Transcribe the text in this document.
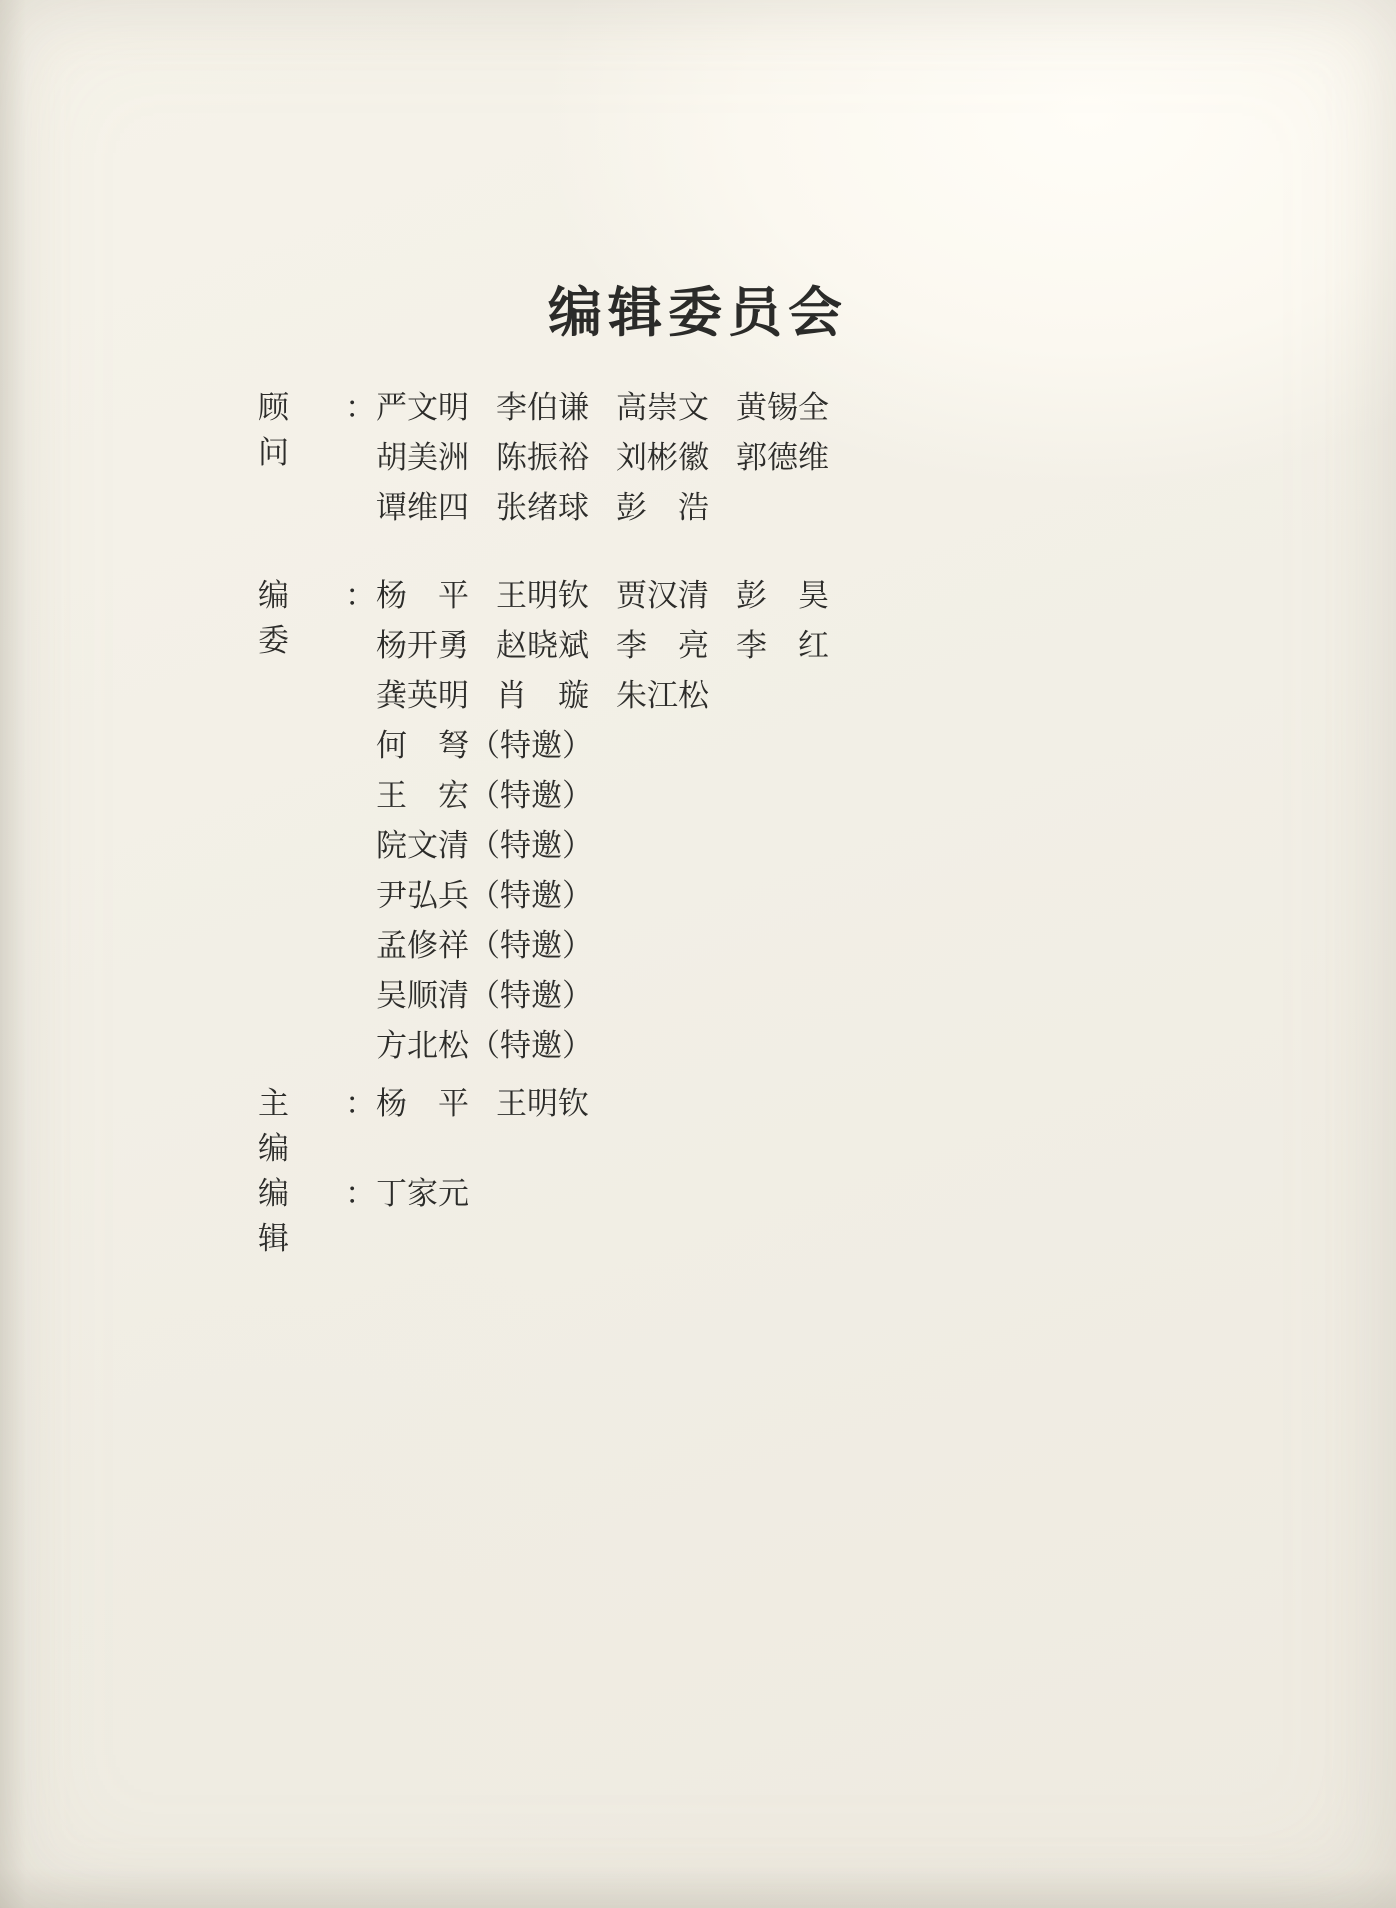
编辑委员会
顾　问
： 严文明 李伯谦 高崇文 黄锡全
胡美洲 陈振裕 刘彬徽 郭德维
谭维四 张绪球 彭　浩
编　委
： 杨　平 王明钦 贾汉清 彭　昊
杨开勇 赵晓斌 李　亮 李　红
龚英明 肖　璇 朱江松
何　弩（特邀）
王　宏（特邀）
院文清（特邀）
尹弘兵（特邀）
孟修祥（特邀）
吴顺清（特邀）
方北松（特邀）
主　编
： 杨　平 王明钦
编　辑
： 丁家元
